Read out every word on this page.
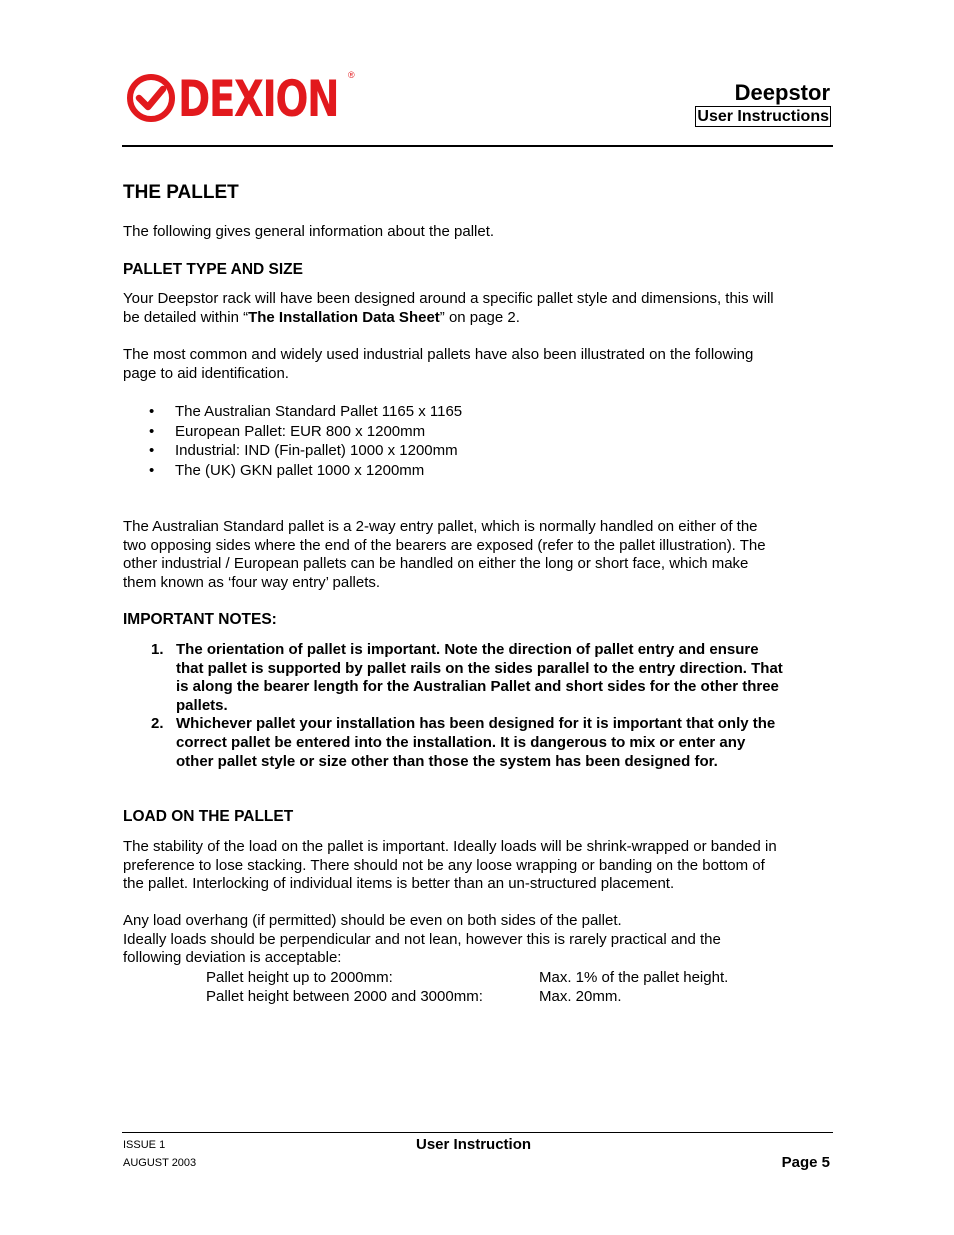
DEXION ®
Deepstor
User Instructions
THE PALLET

The following gives general information about the pallet.

PALLET TYPE AND SIZE

Your Deepstor rack will have been designed around a specific pallet style and dimensions, this will

be detailed within “The Installation Data Sheet” on page 2.

The most common and widely used industrial pallets have also been illustrated on the following

page to aid identification.

• The Australian Standard Pallet 1165 x 1165
• European Pallet: EUR 800 x 1200mm
• Industrial: IND (Fin-pallet) 1000 x 1200mm
• The (UK) GKN pallet 1000 x 1200mm

The Australian Standard pallet is a 2-way entry pallet, which is normally handled on either of the

two opposing sides where the end of the bearers are exposed (refer to the pallet illustration). The

other industrial / European pallets can be handled on either the long or short face, which make

them known as ‘four way entry’ pallets.

IMPORTANT NOTES:
1. The orientation of pallet is important. Note the direction of pallet entry and ensure
that pallet is supported by pallet rails on the sides parallel to the entry direction. That
is along the bearer length for the Australian Pallet and short sides for the other three
pallets.
2. Whichever pallet your installation has been designed for it is important that only the
correct pallet be entered into the installation. It is dangerous to mix or enter any
other pallet style or size other than those the system has been designed for.
LOAD ON THE PALLET

The stability of the load on the pallet is important. Ideally loads will be shrink-wrapped or banded in

preference to lose stacking. There should not be any loose wrapping or banding on the bottom of

the pallet. Interlocking of individual items is better than an un-structured placement.

Any load overhang (if permitted) should be even on both sides of the pallet.

Ideally loads should be perpendicular and not lean, however this is rarely practical and the

following deviation is acceptable:

Pallet height up to 2000mm:	Max. 1% of the pallet height.
Pallet height between 2000 and 3000mm:	Max. 20mm.
ISSUE 1
AUGUST 2003
User Instruction
Page 5
